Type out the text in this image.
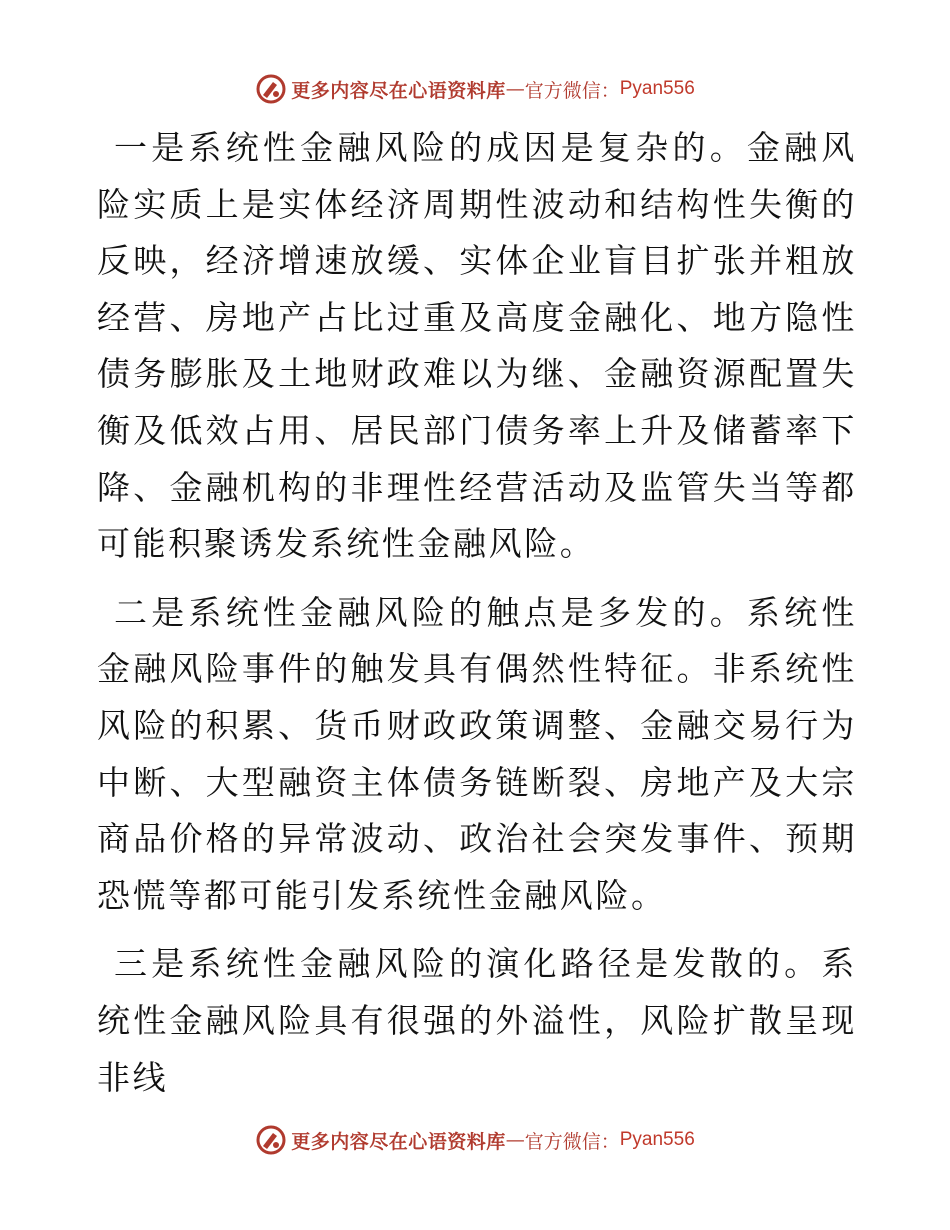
更多内容尽在心语资料库 — 官方微信： Pyan556

一是系统性金融风险的成因是复杂的。金融风险实质上是实体经济周期性波动和结构性失衡的反映，经济增速放缓、实体企业盲目扩张并粗放经营、房地产占比过重及高度金融化、地方隐性债务膨胀及土地财政难以为继、金融资源配置失衡及低效占用、居民部门债务率上升及储蓄率下降、金融机构的非理性经营活动及监管失当等都可能积聚诱发系统性金融风险。

二是系统性金融风险的触点是多发的。系统性金融风险事件的触发具有偶然性特征。非系统性风险的积累、货币财政政策调整、金融交易行为中断、大型融资主体债务链断裂、房地产及大宗商品价格的异常波动、政治社会突发事件、预期恐慌等都可能引发系统性金融风险。

三是系统性金融风险的演化路径是发散的。系统性金融风险具有很强的外溢性，风险扩散呈现非线

更多内容尽在心语资料库 — 官方微信： Pyan556
